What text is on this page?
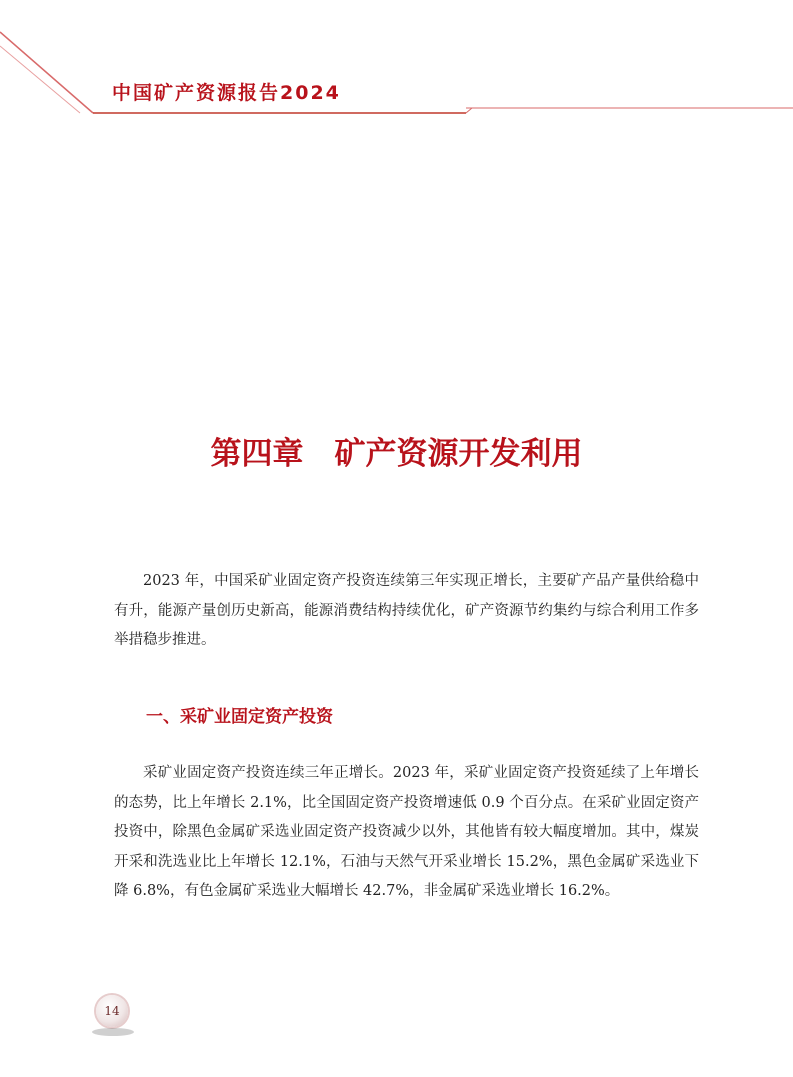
中国矿产资源报告2024
第四章　矿产资源开发利用

2023 年，中国采矿业固定资产投资连续第三年实现正增长，主要矿产品产量供给稳中有升，能源产量创历史新高，能源消费结构持续优化，矿产资源节约集约与综合利用工作多举措稳步推进。

一、采矿业固定资产投资

采矿业固定资产投资连续三年正增长。2023 年，采矿业固定资产投资延续了上年增长的态势，比上年增长 2.1%，比全国固定资产投资增速低 0.9 个百分点。在采矿业固定资产投资中，除黑色金属矿采选业固定资产投资减少以外，其他皆有较大幅度增加。其中，煤炭开采和洗选业比上年增长 12.1%，石油与天然气开采业增长 15.2%，黑色金属矿采选业下降 6.8%，有色金属矿采选业大幅增长 42.7%，非金属矿采选业增长 16.2%。

14
